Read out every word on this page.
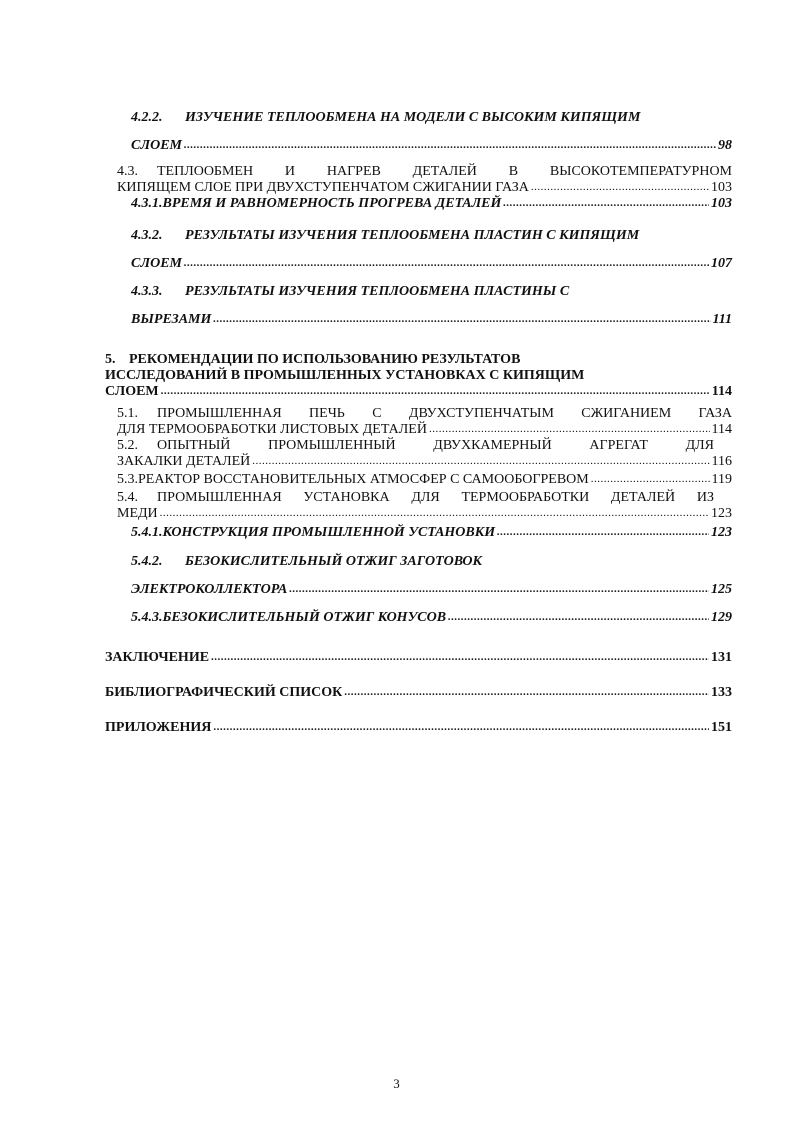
4.2.2. ИЗУЧЕНИЕ ТЕПЛООБМЕНА НА МОДЕЛИ С ВЫСОКИМ КИПЯЩИМ
СЛОЕМ .....	98
4.3. ТЕПЛООБМЕН И НАГРЕВ ДЕТАЛЕЙ В ВЫСОКОТЕМПЕРАТУРНОМ
КИПЯЩЕМ СЛОЕ ПРИ ДВУХСТУПЕНЧАТОМ СЖИГАНИИ ГАЗА .....	103
4.3.1. ВРЕМЯ И РАВНОМЕРНОСТЬ ПРОГРЕВА ДЕТАЛЕЙ .....	103
4.3.2. РЕЗУЛЬТАТЫ ИЗУЧЕНИЯ ТЕПЛООБМЕНА ПЛАСТИН С КИПЯЩИМ
СЛОЕМ .....	107
4.3.3. РЕЗУЛЬТАТЫ ИЗУЧЕНИЯ ТЕПЛООБМЕНА ПЛАСТИНЫ С
ВЫРЕЗАМИ .....	111
5. РЕКОМЕНДАЦИИ ПО ИСПОЛЬЗОВАНИЮ РЕЗУЛЬТАТОВ
ИССЛЕДОВАНИЙ В ПРОМЫШЛЕННЫХ УСТАНОВКАХ С КИПЯЩИМ
СЛОЕМ .....	114
5.1. ПРОМЫШЛЕННАЯ ПЕЧЬ С ДВУХСТУПЕНЧАТЫМ СЖИГАНИЕМ ГАЗА
ДЛЯ ТЕРМООБРАБОТКИ ЛИСТОВЫХ ДЕТАЛЕЙ .....	114
5.2. ОПЫТНЫЙ ПРОМЫШЛЕННЫЙ ДВУХКАМЕРНЫЙ АГРЕГАТ ДЛЯ
ЗАКАЛКИ ДЕТАЛЕЙ .....	116
5.3. РЕАКТОР ВОССТАНОВИТЕЛЬНЫХ АТМОСФЕР С САМООБОГРЕВОМ .....	119
5.4. ПРОМЫШЛЕННАЯ УСТАНОВКА ДЛЯ ТЕРМООБРАБОТКИ ДЕТАЛЕЙ ИЗ
МЕДИ .....	123
5.4.1. КОНСТРУКЦИЯ ПРОМЫШЛЕННОЙ УСТАНОВКИ .....	123
5.4.2. БЕЗОКИСЛИТЕЛЬНЫЙ ОТЖИГ ЗАГОТОВОК
ЭЛЕКТРОКОЛЛЕКТОРА .....	125
5.4.3. БЕЗОКИСЛИТЕЛЬНЫЙ ОТЖИГ КОНУСОВ .....	129
ЗАКЛЮЧЕНИЕ .....	131
БИБЛИОГРАФИЧЕСКИЙ СПИСОК .....	133
ПРИЛОЖЕНИЯ .....	151
3
